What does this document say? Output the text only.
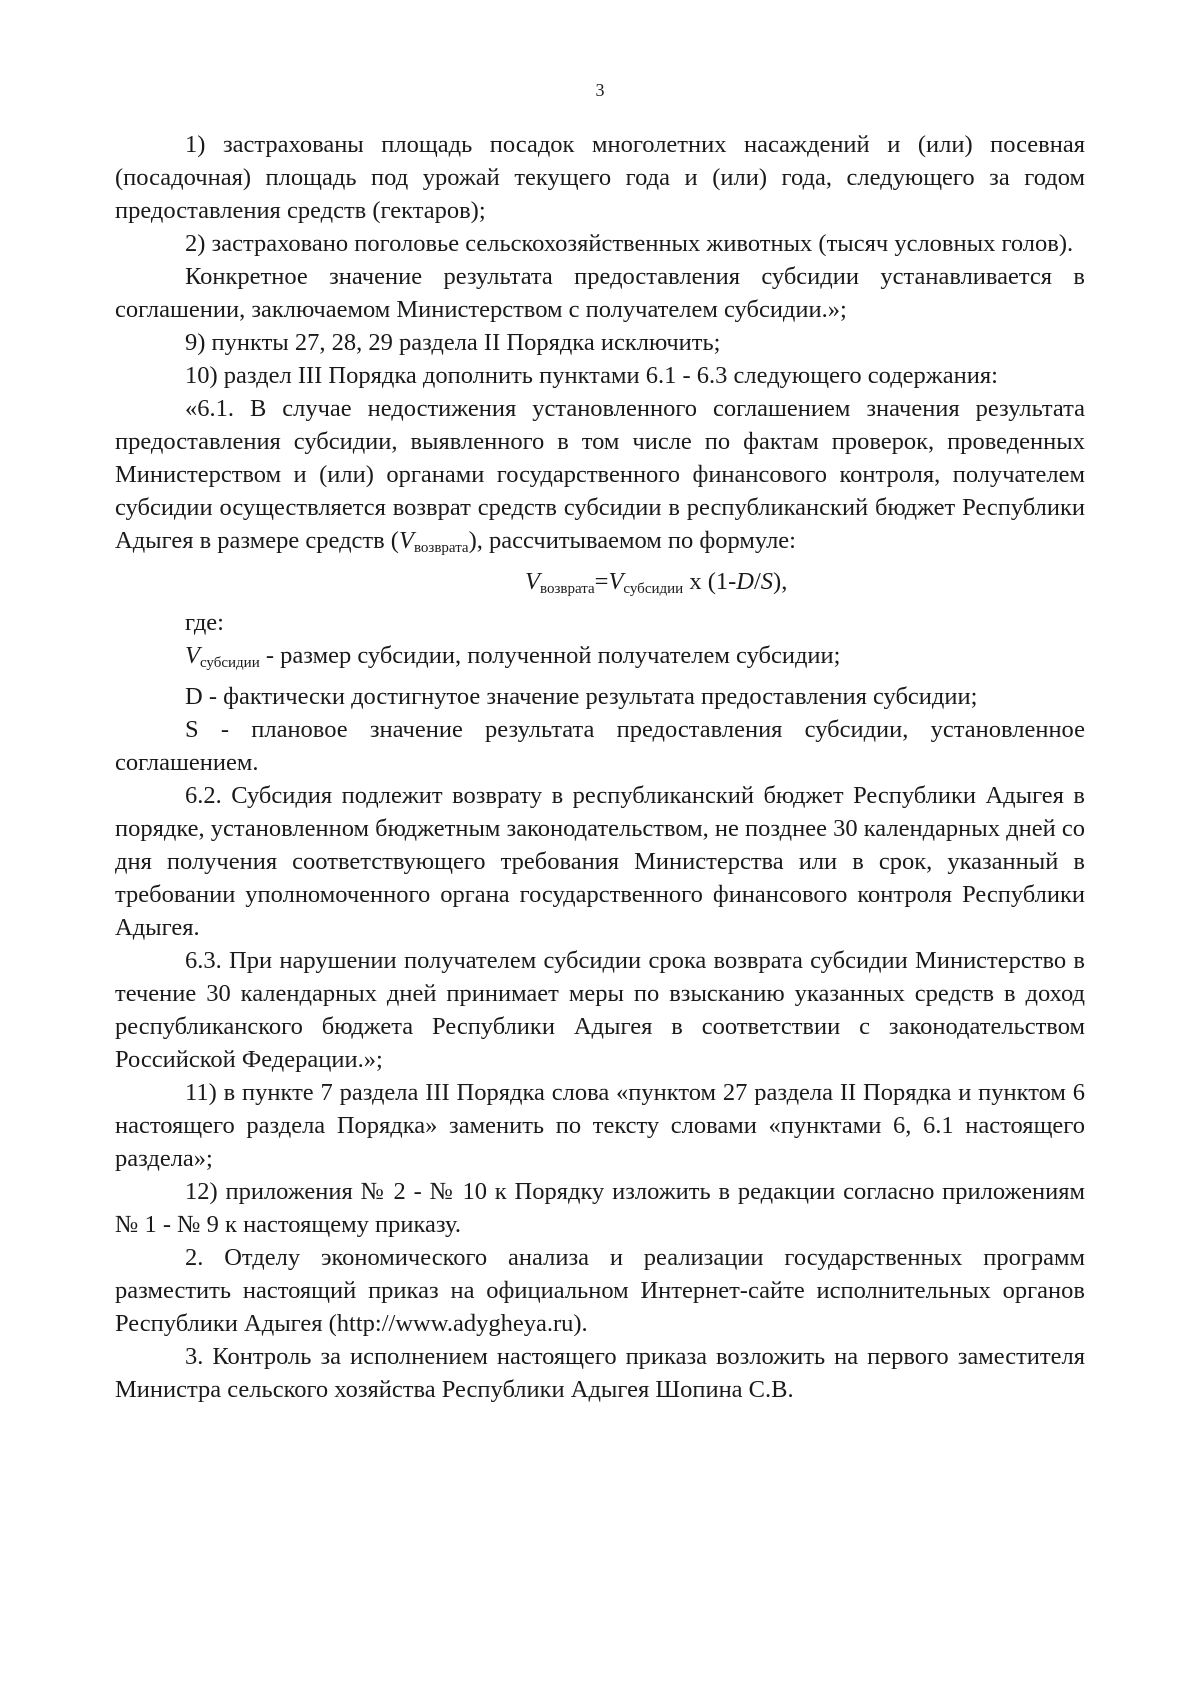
3

1) застрахованы площадь посадок многолетних насаждений и (или) посевная (посадочная) площадь под урожай текущего года и (или) года, следующего за годом предоставления средств (гектаров);

2) застраховано поголовье сельскохозяйственных животных (тысяч условных голов).

Конкретное значение результата предоставления субсидии устанавливается в соглашении, заключаемом Министерством с получателем субсидии.»;

9) пункты 27, 28, 29 раздела II Порядка исключить;

10) раздел III Порядка дополнить пунктами 6.1 - 6.3 следующего содержания:

«6.1. В случае недостижения установленного соглашением значения результата предоставления субсидии, выявленного в том числе по фактам проверок, проведенных Министерством и (или) органами государственного финансового контроля, получателем субсидии осуществляется возврат средств субсидии в республиканский бюджет Республики Адыгея в размере средств $(V_{возврата})$, рассчитываемом по формуле:

$V_{возврата}=V_{субсидии}$ х (1-D/S),

где:

$V_{субсидии}$ - размер субсидии, полученной получателем субсидии;

D - фактически достигнутое значение результата предоставления субсидии;

S - плановое значение результата предоставления субсидии, установленное соглашением.

6.2. Субсидия подлежит возврату в республиканский бюджет Республики Адыгея в порядке, установленном бюджетным законодательством, не позднее 30 календарных дней со дня получения соответствующего требования Министерства или в срок, указанный в требовании уполномоченного органа государственного финансового контроля Республики Адыгея.

6.3. При нарушении получателем субсидии срока возврата субсидии Министерство в течение 30 календарных дней принимает меры по взысканию указанных средств в доход республиканского бюджета Республики Адыгея в соответствии с законодательством Российской Федерации.»;

11) в пункте 7 раздела III Порядка слова «пунктом 27 раздела II Порядка и пунктом 6 настоящего раздела Порядка» заменить по тексту словами «пунктами 6, 6.1 настоящего раздела»;

12) приложения № 2 - № 10 к Порядку изложить в редакции согласно приложениям № 1 - № 9 к настоящему приказу.

2. Отделу экономического анализа и реализации государственных программ разместить настоящий приказ на официальном Интернет-сайте исполнительных органов Республики Адыгея (http://www.adygheya.ru).

3. Контроль за исполнением настоящего приказа возложить на первого заместителя Министра сельского хозяйства Республики Адыгея Шопина С.В.
